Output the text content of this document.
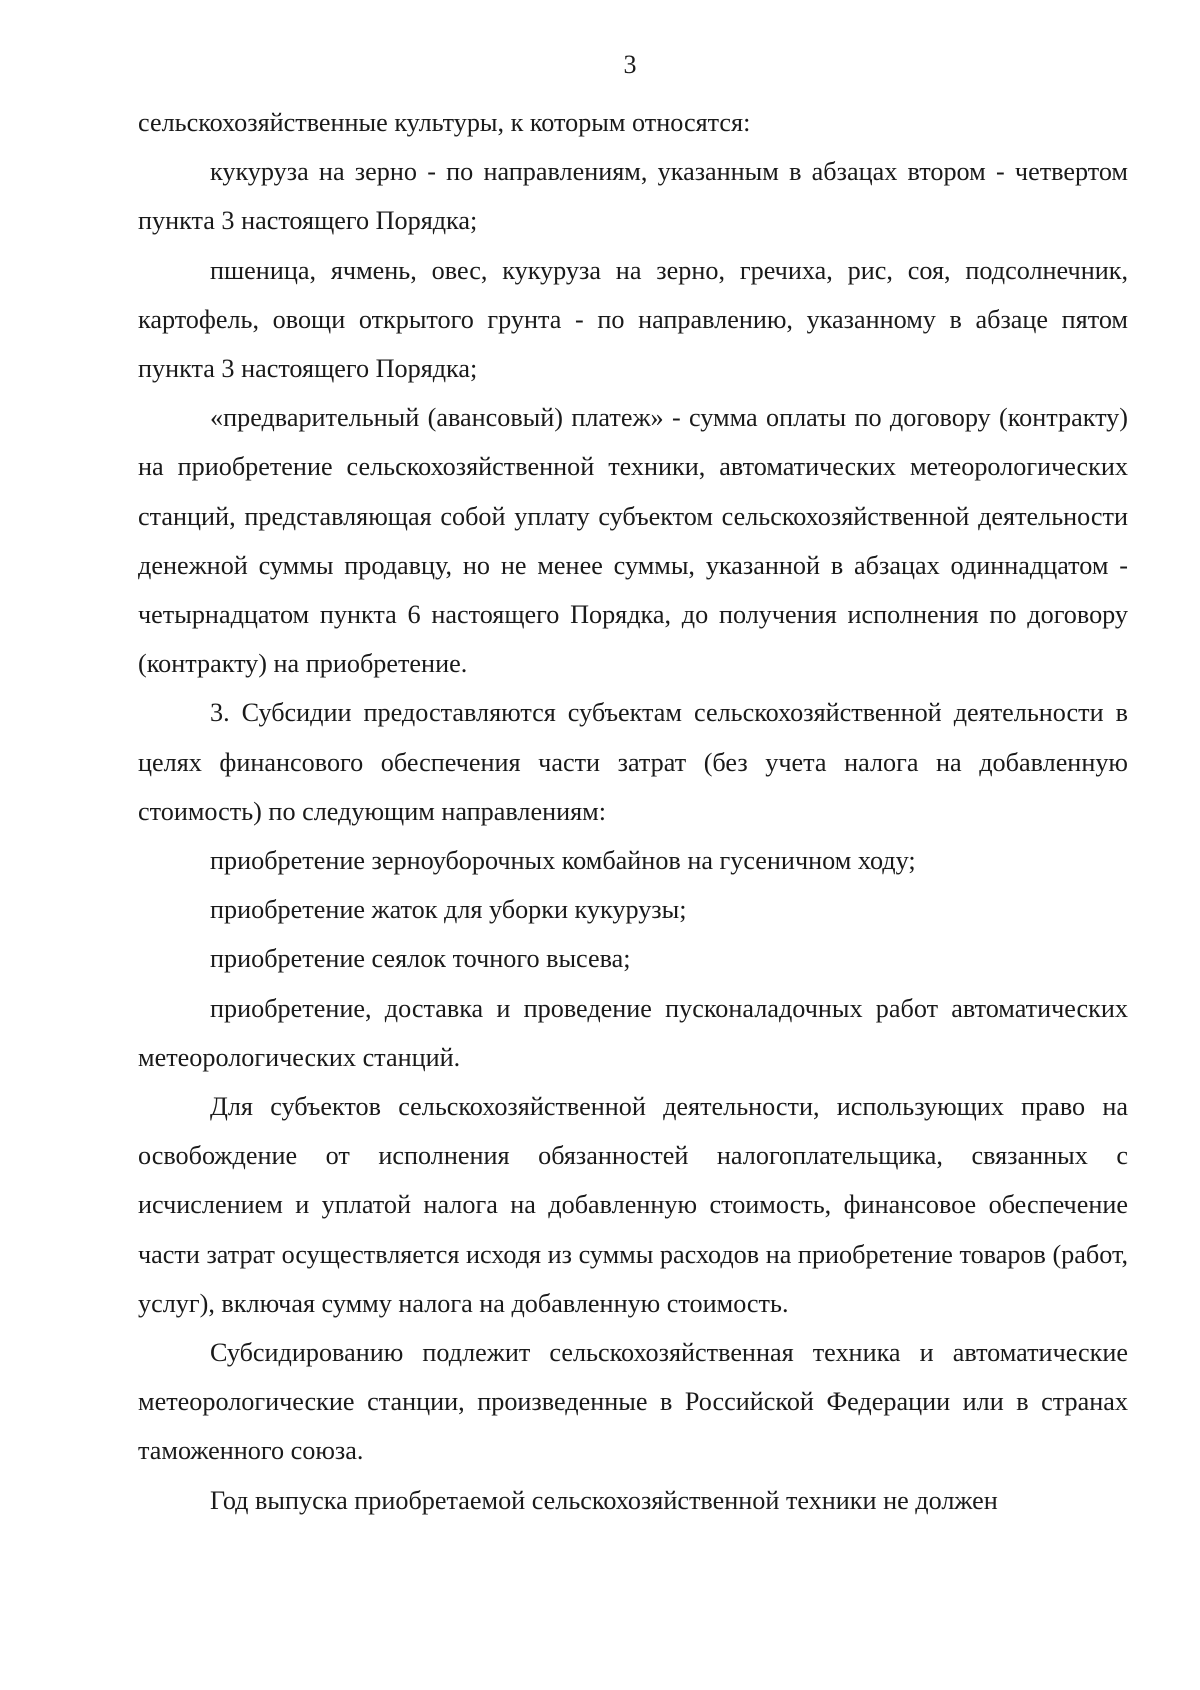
3

сельскохозяйственные культуры, к которым относятся:

кукуруза на зерно - по направлениям, указанным в абзацах втором - четвертом пункта 3 настоящего Порядка;

пшеница, ячмень, овес, кукуруза на зерно, гречиха, рис, соя, подсолнечник, картофель, овощи открытого грунта - по направлению, указанному в абзаце пятом пункта 3 настоящего Порядка;

«предварительный (авансовый) платеж» - сумма оплаты по договору (контракту) на приобретение сельскохозяйственной техники, автоматических метеорологических станций, представляющая собой уплату субъектом сельскохозяйственной деятельности денежной суммы продавцу, но не менее суммы, указанной в абзацах одиннадцатом - четырнадцатом пункта 6 настоящего Порядка, до получения исполнения по договору (контракту) на приобретение.

3. Субсидии предоставляются субъектам сельскохозяйственной деятельности в целях финансового обеспечения части затрат (без учета налога на добавленную стоимость) по следующим направлениям:

приобретение зерноуборочных комбайнов на гусеничном ходу;

приобретение жаток для уборки кукурузы;

приобретение сеялок точного высева;

приобретение, доставка и проведение пусконаладочных работ автоматических метеорологических станций.

Для субъектов сельскохозяйственной деятельности, использующих право на освобождение от исполнения обязанностей налогоплательщика, связанных с исчислением и уплатой налога на добавленную стоимость, финансовое обеспечение части затрат осуществляется исходя из суммы расходов на приобретение товаров (работ, услуг), включая сумму налога на добавленную стоимость.

Субсидированию подлежит сельскохозяйственная техника и автоматические метеорологические станции, произведенные в Российской Федерации или в странах таможенного союза.

Год выпуска приобретаемой сельскохозяйственной техники не должен
